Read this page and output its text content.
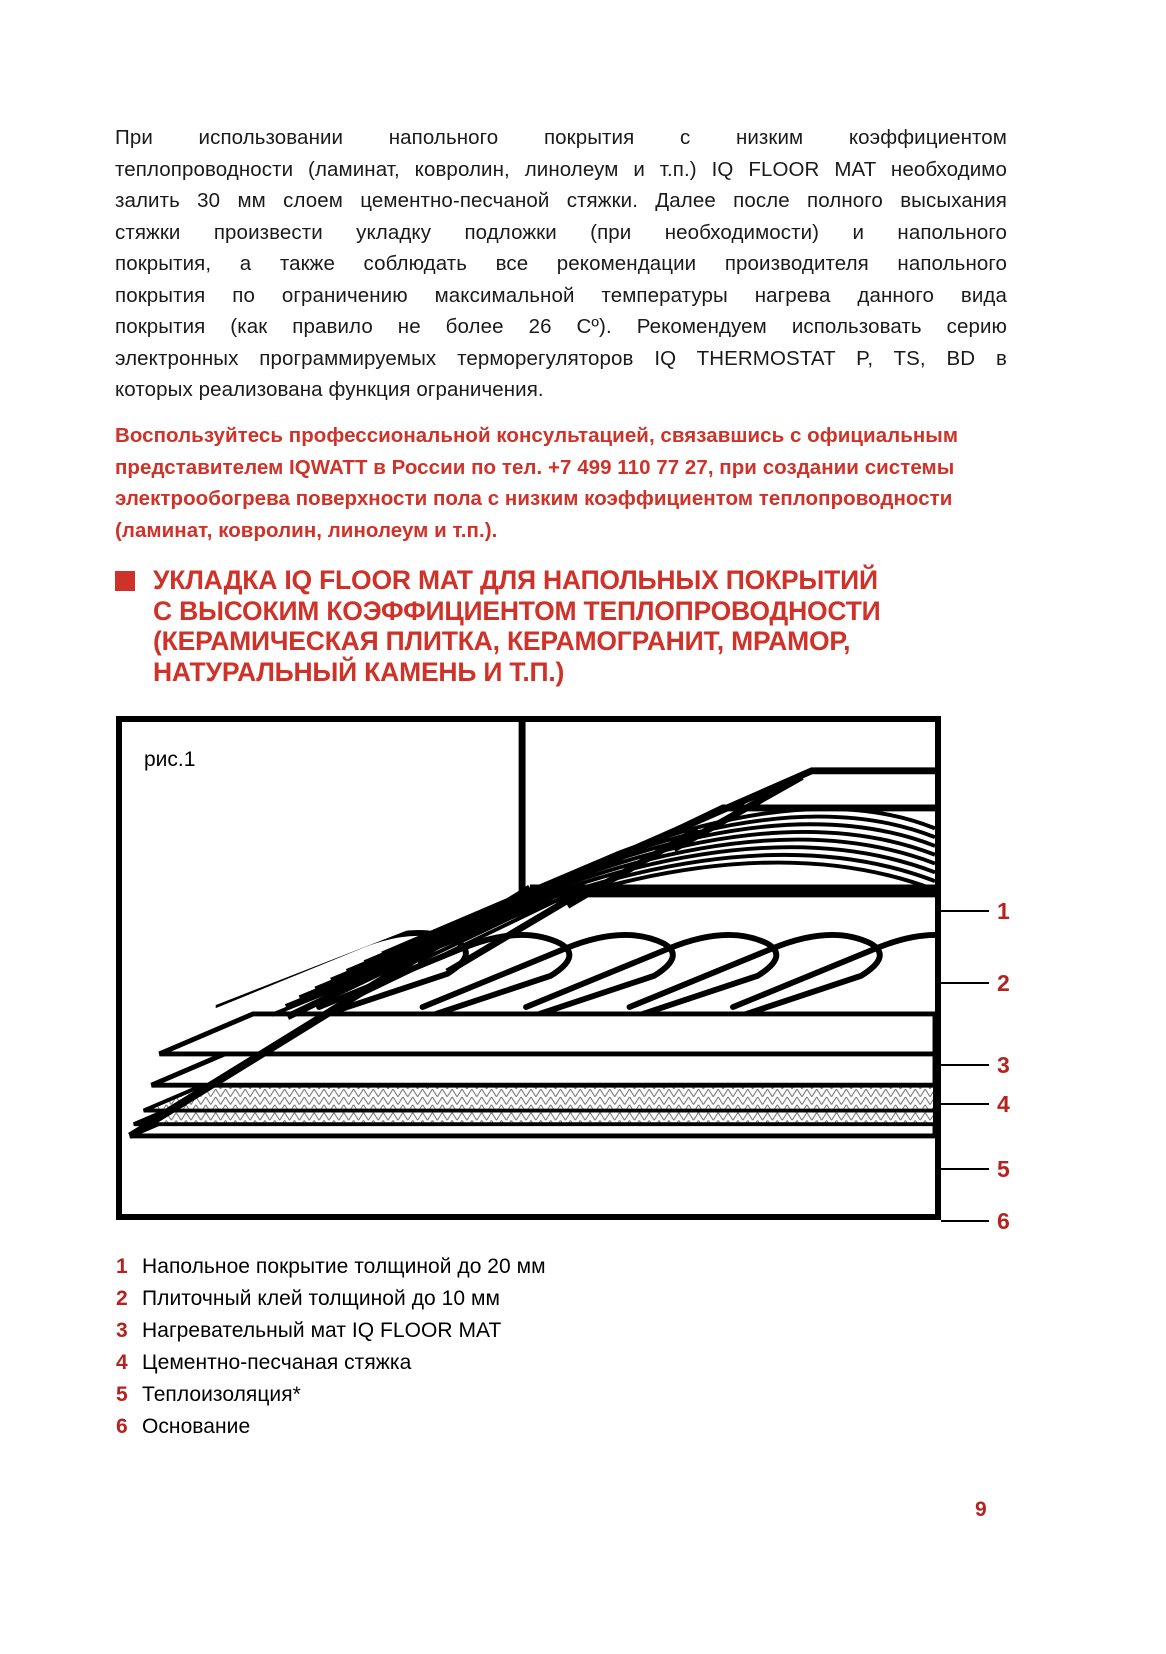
При использовании напольного покрытия с низким коэффициентом
теплопроводности (ламинат, ковролин, линолеум и т.п.) IQ FLOOR MAT необходимо
залить 30 мм слоем цементно-песчаной стяжки. Далее после полного высыхания
стяжки произвести укладку подложки (при необходимости) и напольного
покрытия, а также соблюдать все рекомендации производителя напольного
покрытия по ограничению максимальной температуры нагрева данного вида
покрытия (как правило не более 26 Cº). Рекомендуем использовать серию
электронных программируемых терморегуляторов IQ THERMOSTAT P, TS, BD в
которых реализована функция ограничения.
Воспользуйтесь профессиональной консультацией, связавшись с официальным
представителем IQWATT в России по тел. +7 499 110 77 27, при создании системы
электрообогрева поверхности пола с низким коэффициентом теплопроводности
(ламинат, ковролин, линолеум и т.п.).
УКЛАДКА IQ FLOOR MAT ДЛЯ НАПОЛЬНЫХ ПОКРЫТИЙ
С ВЫСОКИМ КОЭФФИЦИЕНТОМ ТЕПЛОПРОВОДНОСТИ
(КЕРАМИЧЕСКАЯ ПЛИТКА, КЕРАМОГРАНИТ, МРАМОР,
НАТУРАЛЬНЫЙ КАМЕНЬ И Т.П.)
рис.1
1
2
3
4
5
6
1 Напольное покрытие толщиной до 20 мм
2 Плиточный клей толщиной до 10 мм
3 Нагревательный мат IQ FLOOR MAT
4 Цементно-песчаная стяжка
5 Теплоизоляция*
6 Основание
9
